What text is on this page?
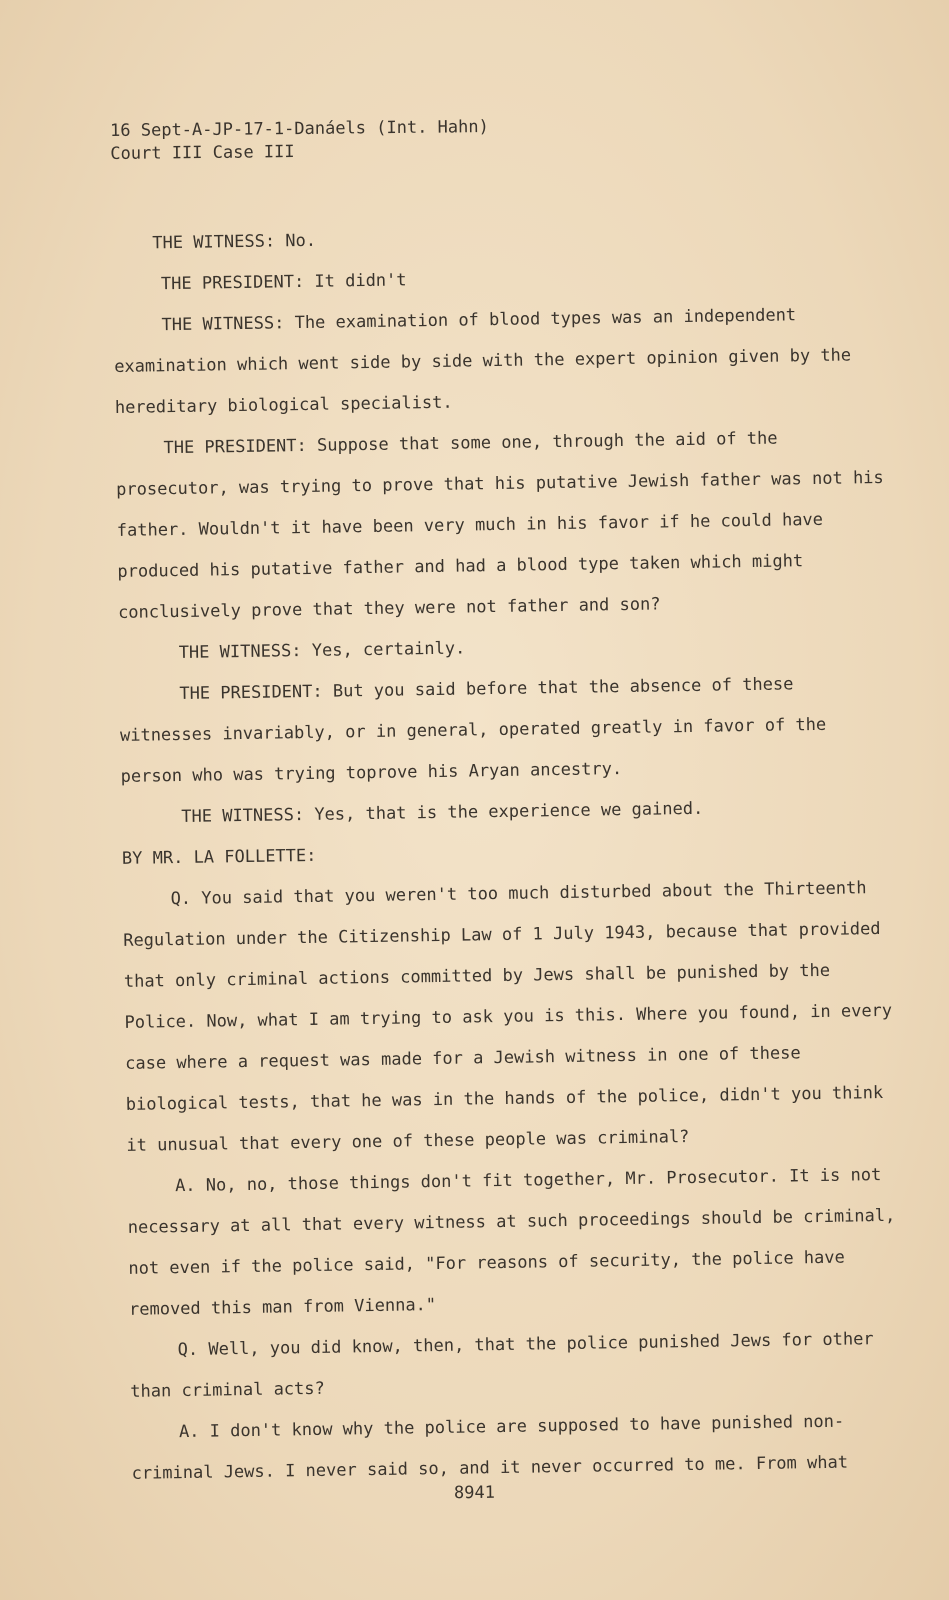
16 Sept-A-JP-17-1-Danáels (Int. Hahn)
Court III Case III

THE WITNESS: No.

THE PRESIDENT: It didn't

THE WITNESS: The examination of blood types was an independent examination which went side by side with the expert opinion given by the hereditary biological specialist.

THE PRESIDENT: Suppose that some one, through the aid of the prosecutor, was trying to prove that his putative Jewish father was not his father. Wouldn't it have been very much in his favor if he could have produced his putative father and had a blood type taken which might conclusively prove that they were not father and son?

THE WITNESS: Yes, certainly.

THE PRESIDENT: But you said before that the absence of these witnesses invariably, or in general, operated greatly in favor of the person who was trying toprove his Aryan ancestry.

THE WITNESS: Yes, that is the experience we gained.

BY MR. LA FOLLETTE:

Q. You said that you weren't too much disturbed about the Thirteenth Regulation under the Citizenship Law of 1 July 1943, because that provided that only criminal actions committed by Jews shall be punished by the Police. Now, what I am trying to ask you is this. Where you found, in every case where a request was made for a Jewish witness in one of these biological tests, that he was in the hands of the police, didn't you think it unusual that every one of these people was criminal?

A. No, no, those things don't fit together, Mr. Prosecutor. It is not necessary at all that every witness at such proceedings should be criminal, not even if the police said, "For reasons of security, the police have removed this man from Vienna."

Q. Well, you did know, then, that the police punished Jews for other than criminal acts?

A. I don't know why the police are supposed to have punished non-criminal Jews. I never said so, and it never occurred to me. From what

8941
